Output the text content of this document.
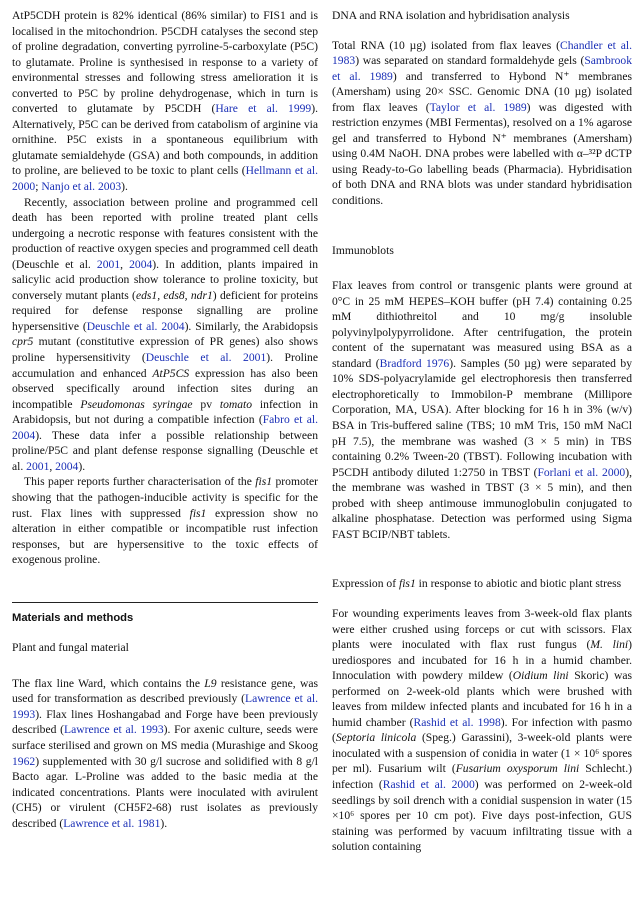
AtP5CDH protein is 82% identical (86% similar) to FIS1 and is localised in the mitochondrion. P5CDH catalyses the second step of proline degradation, converting pyrroline-5-carboxylate (P5C) to glutamate. Proline is synthesised in response to a variety of environmental stresses and following stress amelioration it is converted to P5C by proline dehydrogenase, which in turn is converted to glutamate by P5CDH (Hare et al. 1999). Alternatively, P5C can be derived from catabolism of arginine via ornithine. P5C exists in a spontaneous equilibrium with glutamate semialdehyde (GSA) and both compounds, in addition to proline, are believed to be toxic to plant cells (Hellmann et al. 2000; Nanjo et al. 2003).

Recently, association between proline and programmed cell death has been reported with proline treated plant cells undergoing a necrotic response with features consistent with the production of reactive oxygen species and programmed cell death (Deuschle et al. 2001, 2004). In addition, plants impaired in salicylic acid production show tolerance to proline toxicity, but conversely mutant plants (eds1, eds8, ndr1) deficient for proteins required for defense response signalling are proline hypersensitive (Deuschle et al. 2004). Similarly, the Arabidopsis cpr5 mutant (constitutive expression of PR genes) also shows proline hypersensitivity (Deuschle et al. 2001). Proline accumulation and enhanced AtP5CS expression has also been observed specifically around infection sites during an incompatible Pseudomonas syringae pv tomato infection in Arabidopsis, but not during a compatible infection (Fabro et al. 2004). These data infer a possible relationship between proline/P5C and plant defense response signalling (Deuschle et al. 2001, 2004).

This paper reports further characterisation of the fis1 promoter showing that the pathogen-inducible activity is specific for the rust. Flax lines with suppressed fis1 expression show no alteration in either compatible or incompatible rust infection responses, but are hypersensitive to the toxic effects of exogenous proline.

Materials and methods

Plant and fungal material

The flax line Ward, which contains the L9 resistance gene, was used for transformation as described previously (Lawrence et al. 1993). Flax lines Hoshangabad and Forge have been previously described (Lawrence et al. 1993). For axenic culture, seeds were surface sterilised and grown on MS media (Murashige and Skoog 1962) supplemented with 30 g/l sucrose and solidified with 8 g/l Bacto agar. L-Proline was added to the basic media at the indicated concentrations. Plants were inoculated with avirulent (CH5) or virulent (CH5F2-68) rust isolates as previously described (Lawrence et al. 1981).

DNA and RNA isolation and hybridisation analysis

Total RNA (10 µg) isolated from flax leaves (Chandler et al. 1983) was separated on standard formaldehyde gels (Sambrook et al. 1989) and transferred to Hybond N⁺ membranes (Amersham) using 20× SSC. Genomic DNA (10 µg) isolated from flax leaves (Taylor et al. 1989) was digested with restriction enzymes (MBI Fermentas), resolved on a 1% agarose gel and transferred to Hybond N⁺ membranes (Amersham) using 0.4M NaOH. DNA probes were labelled with α–³²P dCTP using Ready-to-Go labelling beads (Pharmacia). Hybridisation of both DNA and RNA blots was under standard hybridisation conditions.

Immunoblots

Flax leaves from control or transgenic plants were ground at 0°C in 25 mM HEPES–KOH buffer (pH 7.4) containing 0.25 mM dithiothreitol and 10 mg/g insoluble polyvinylpolypyrrolidone. After centrifugation, the protein content of the supernatant was measured using BSA as a standard (Bradford 1976). Samples (50 µg) were separated by 10% SDS-polyacrylamide gel electrophoresis then transferred electrophoretically to Immobilon-P membrane (Millipore Corporation, MA, USA). After blocking for 16 h in 3% (w/v) BSA in Tris-buffered saline (TBS; 10 mM Tris, 150 mM NaCl pH 7.5), the membrane was washed (3 × 5 min) in TBS containing 0.2% Tween-20 (TBST). Following incubation with P5CDH antibody diluted 1:2750 in TBST (Forlani et al. 2000), the membrane was washed in TBST (3 × 5 min), and then probed with sheep antimouse immunoglobulin conjugated to alkaline phosphatase. Detection was performed using Sigma FAST BCIP/NBT tablets.

Expression of fis1 in response to abiotic and biotic plant stress

For wounding experiments leaves from 3-week-old flax plants were either crushed using forceps or cut with scissors. Flax plants were inoculated with flax rust fungus (M. lini) urediospores and incubated for 16 h in a humid chamber. Innoculation with powdery mildew (Oidium lini Skoric) was performed on 2-week-old plants which were brushed with leaves from mildew infected plants and incubated for 16 h in a humid chamber (Rashid et al. 1998). For infection with pasmo (Septoria linicola (Speg.) Garassini), 3-week-old plants were inoculated with a suspension of conidia in water (1 × 10⁶ spores per ml). Fusarium wilt (Fusarium oxysporum lini Schlecht.) infection (Rashid et al. 2000) was performed on 2-week-old seedlings by soil drench with a conidial suspension in water (15 ×10⁶ spores per 10 cm pot). Five days post-infection, GUS staining was performed by vacuum infiltrating tissue with a solution containing
